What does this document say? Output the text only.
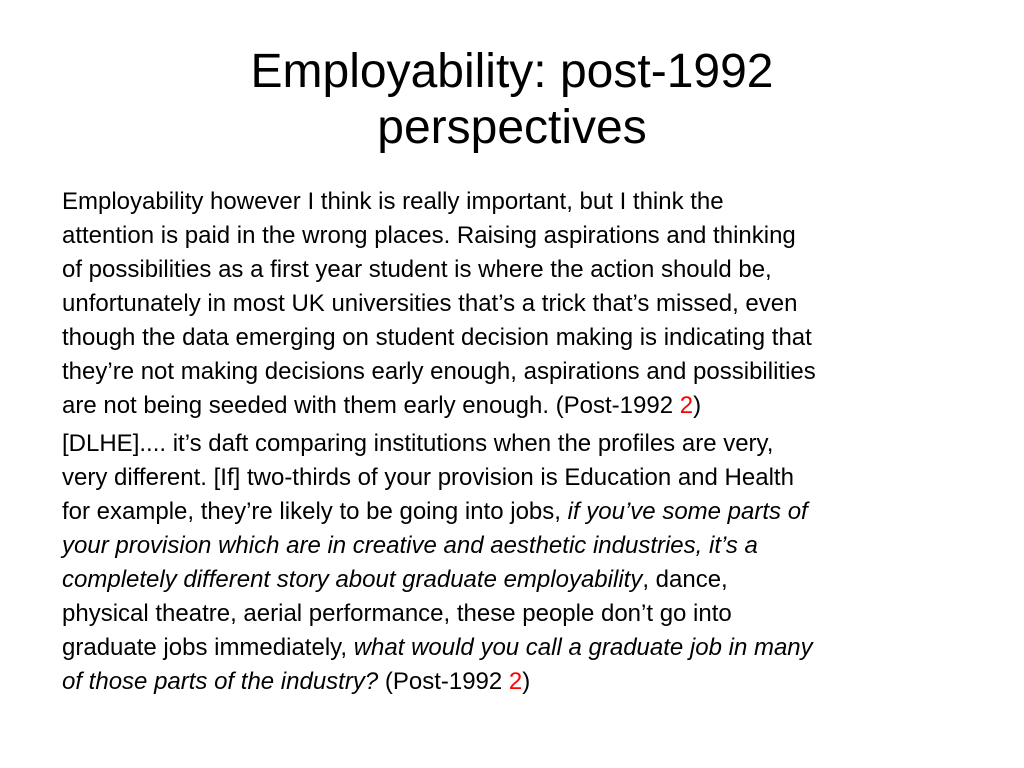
Employability: post-1992
perspectives

Employability however I think is really important, but I think the
attention is paid in the wrong places. Raising aspirations and thinking
of possibilities as a first year student is where the action should be,
unfortunately in most UK universities that’s a trick that’s missed, even
though the data emerging on student decision making is indicating that
they’re not making decisions early enough, aspirations and possibilities
are not being seeded with them early enough. (Post-1992 2)

[DLHE].... it’s daft comparing institutions when the profiles are very,
very different. [If] two-thirds of your provision is Education and Health
for example, they’re likely to be going into jobs, if you’ve some parts of
your provision which are in creative and aesthetic industries, it’s a
completely different story about graduate employability, dance,
physical theatre, aerial performance, these people don’t go into
graduate jobs immediately, what would you call a graduate job in many
of those parts of the industry? (Post-1992 2)
